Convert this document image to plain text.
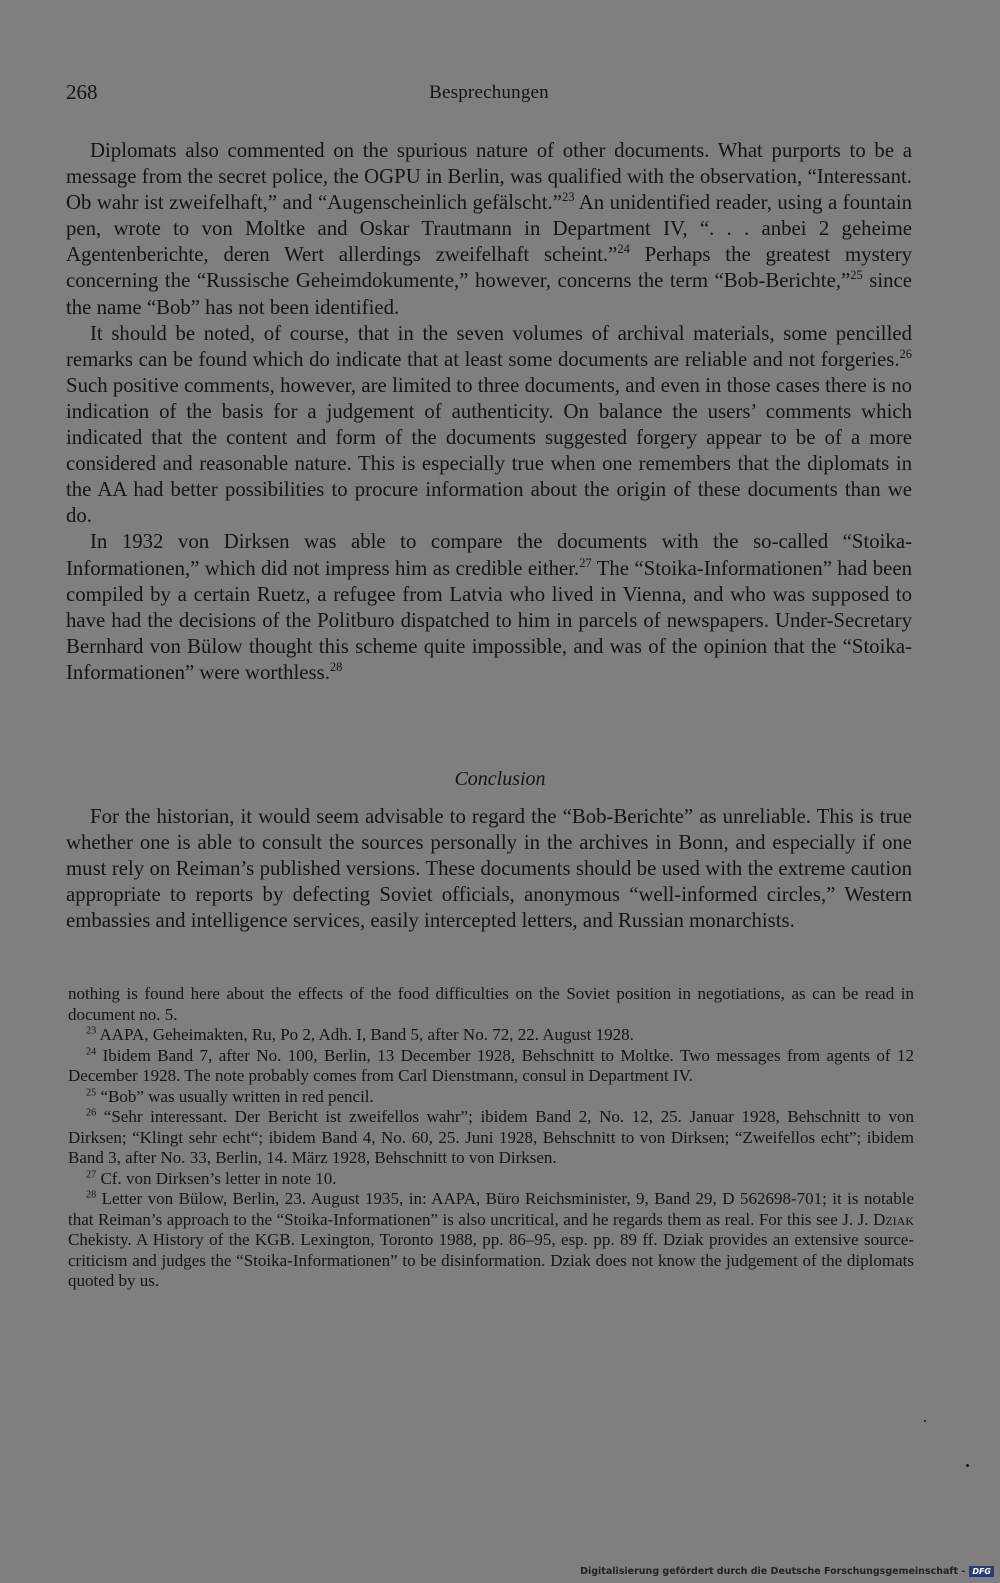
268	Besprechungen

Diplomats also commented on the spurious nature of other documents. What purports to be a message from the secret police, the OGPU in Berlin, was qualified with the observation, “Interessant. Ob wahr ist zweifelhaft,” and “Augenscheinlich gefälscht.”$^{23}$ An unidentified reader, using a fountain pen, wrote to von Moltke and Oskar Trautmann in Department IV, “. . . anbei 2 geheime Agentenberichte, deren Wert allerdings zweifelhaft scheint.”$^{24}$ Perhaps the greatest mystery concerning the “Russische Geheimdokumente,” however, concerns the term “Bob-Berichte,”$^{25}$ since the name “Bob” has not been identified.

It should be noted, of course, that in the seven volumes of archival materials, some pencilled remarks can be found which do indicate that at least some documents are reliable and not forgeries.$^{26}$ Such positive comments, however, are limited to three documents, and even in those cases there is no indication of the basis for a judgement of authenticity. On balance the users’ comments which indicated that the content and form of the documents suggested forgery appear to be of a more considered and reasonable nature. This is especially true when one remembers that the diplomats in the AA had better possibilities to procure information about the origin of these documents than we do.

In 1932 von Dirksen was able to compare the documents with the so-called “Stoika-Informationen,” which did not impress him as credible either.$^{27}$ The “Stoika-Informationen” had been compiled by a certain Ruetz, a refugee from Latvia who lived in Vienna, and who was supposed to have had the decisions of the Politburo dispatched to him in parcels of newspapers. Under-Secretary Bernhard von Bülow thought this scheme quite impossible, and was of the opinion that the “Stoika-Informationen” were worthless.$^{28}$

Conclusion

For the historian, it would seem advisable to regard the “Bob-Berichte” as unreliable. This is true whether one is able to consult the sources personally in the archives in Bonn, and especially if one must rely on Reiman’s published versions. These documents should be used with the extreme caution appropriate to reports by defecting Soviet officials, anonymous “well-informed circles,” Western embassies and intelligence services, easily intercepted letters, and Russian monarchists.

nothing is found here about the effects of the food difficulties on the Soviet position in negotiations, as can be read in document no. 5.

$^{23}$ AAPA, Geheimakten, Ru, Po 2, Adh. I, Band 5, after No. 72, 22. August 1928.

$^{24}$ Ibidem Band 7, after No. 100, Berlin, 13 December 1928, Behschnitt to Moltke. Two messages from agents of 12 December 1928. The note probably comes from Carl Dienstmann, consul in Department IV.

$^{25}$ “Bob” was usually written in red pencil.

$^{26}$ “Sehr interessant. Der Bericht ist zweifellos wahr”; ibidem Band 2, No. 12, 25. Januar 1928, Behschnitt to von Dirksen; “Klingt sehr echt“; ibidem Band 4, No. 60, 25. Juni 1928, Behschnitt to von Dirksen; “Zweifellos echt”; ibidem Band 3, after No. 33, Berlin, 14. März 1928, Behschnitt to von Dirksen.

$^{27}$ Cf. von Dirksen’s letter in note 10.

$^{28}$ Letter von Bülow, Berlin, 23. August 1935, in: AAPA, Büro Reichsminister, 9, Band 29, D 562698-701; it is notable that Reiman’s approach to the “Stoika-Informationen” is also uncritical, and he regards them as real. For this see J. J. Dziak Chekisty. A History of the KGB. Lexington, Toronto 1988, pp. 86–95, esp. pp. 89 ff. Dziak provides an extensive source-criticism and judges the “Stoika-Informationen” to be disinformation. Dziak does not know the judgement of the diplomats quoted by us.

Digitalisierung gefördert durch die Deutsche Forschungsgemeinschaft - DFG
